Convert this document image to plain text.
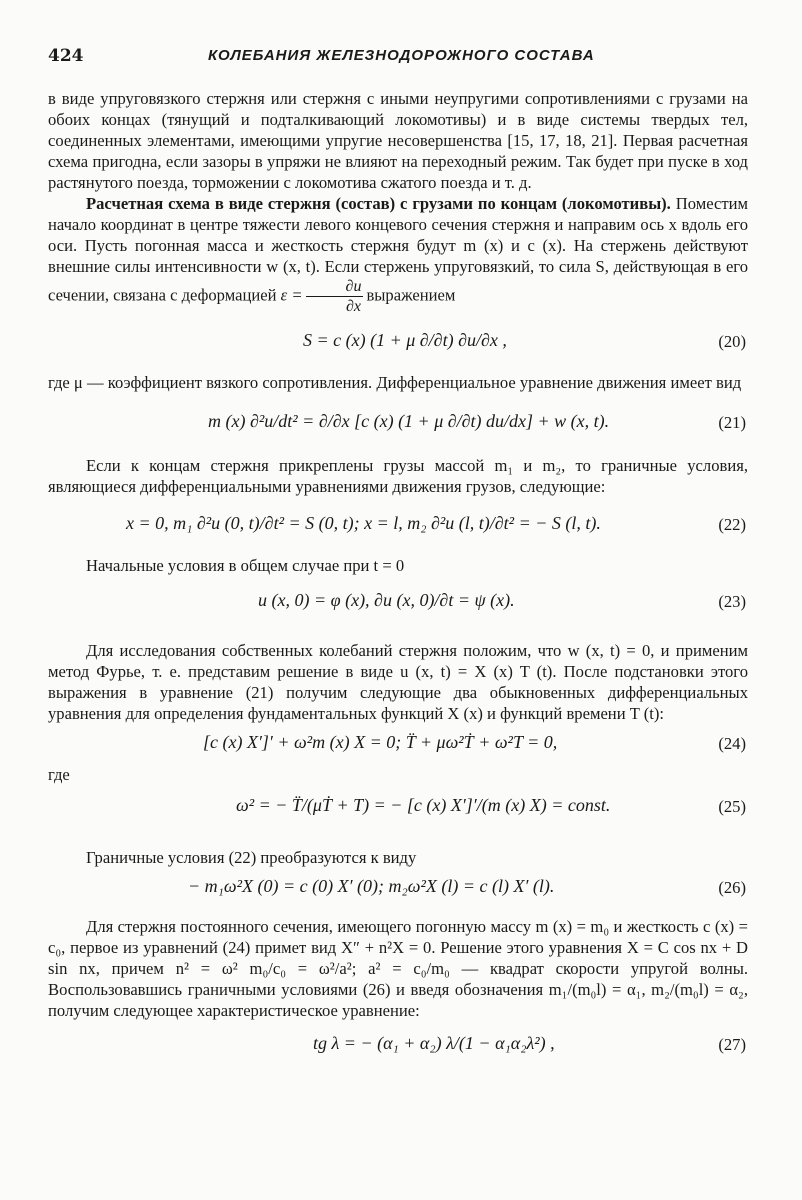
424	КОЛЕБАНИЯ ЖЕЛЕЗНОДОРОЖНОГО СОСТАВА

в виде упруговязкого стержня или стержня с иными неупругими сопротивлениями с грузами на обоих концах (тянущий и подталкивающий локомотивы) и в виде системы твердых тел, соединенных элементами, имеющими упругие несовершенства [15, 17, 18, 21]. Первая расчетная схема пригодна, если зазоры в упряжи не влияют на переходный режим. Так будет при пуске в ход растянутого поезда, торможении с локомотива сжатого поезда и т. д.

Расчетная схема в виде стержня (состав) с грузами по концам (локомотивы). Поместим начало координат в центре тяжести левого концевого сечения стержня и направим ось x вдоль его оси. Пусть погонная масса и жесткость стержня будут m (x) и c (x). На стержень действуют внешние силы интенсивности w (x, t). Если стержень упруговязкий, то сила S, действующая в его сечении, связана с деформацией $\varepsilon = \frac{\partial u}{\partial x}$ выражением

S = c (x) (1 + μ ∂/∂t) ∂u/∂x ,	(20)

где μ — коэффициент вязкого сопротивления. Дифференциальное уравнение движения имеет вид

m (x) ∂²u/dt² = ∂/∂x [c (x) (1 + μ ∂/∂t) du/dx] + w (x, t).	(21)

Если к концам стержня прикреплены грузы массой m₁ и m₂, то граничные условия, являющиеся дифференциальными уравнениями движения грузов, следующие:

x = 0, m₁ ∂²u (0, t)/∂t² = S (0, t); x = l, m₂ ∂²u (l, t)/∂t² = − S (l, t).	(22)

Начальные условия в общем случае при t = 0

u (x, 0) = φ (x), ∂u (x, 0)/∂t = ψ (x).	(23)

Для исследования собственных колебаний стержня положим, что w (x, t) = 0, и применим метод Фурье, т. е. представим решение в виде u (x, t) = X (x) T (t). После подстановки этого выражения в уравнение (21) получим следующие два обыкновенных дифференциальных уравнения для определения фундаментальных функций X (x) и функций времени T (t):

[c (x) X′]′ + ω²m (x) X = 0; T̈ + μω²Ṫ + ω²T = 0,	(24)

где

ω² = − T̈/(μṪ + T) = − [c (x) X′]′/(m (x) X) = const.	(25)

Граничные условия (22) преобразуются к виду

− m₁ω²X (0) = c (0) X′ (0); m₂ω²X (l) = c (l) X′ (l).	(26)

Для стержня постоянного сечения, имеющего погонную массу m (x) = m₀ и жесткость c (x) = c₀, первое из уравнений (24) примет вид X″ + n²X = 0. Решение этого уравнения X = C cos nx + D sin nx, причем n² = ω² m₀/c₀ = ω²/a²; a² = c₀/m₀ — квадрат скорости упругой волны. Воспользовавшись граничными условиями (26) и введя обозначения m₁/(m₀l) = α₁, m₂/(m₀l) = α₂, получим следующее характеристическое уравнение:

tg λ = − (α₁ + α₂) λ/(1 − α₁α₂λ²) ,	(27)
